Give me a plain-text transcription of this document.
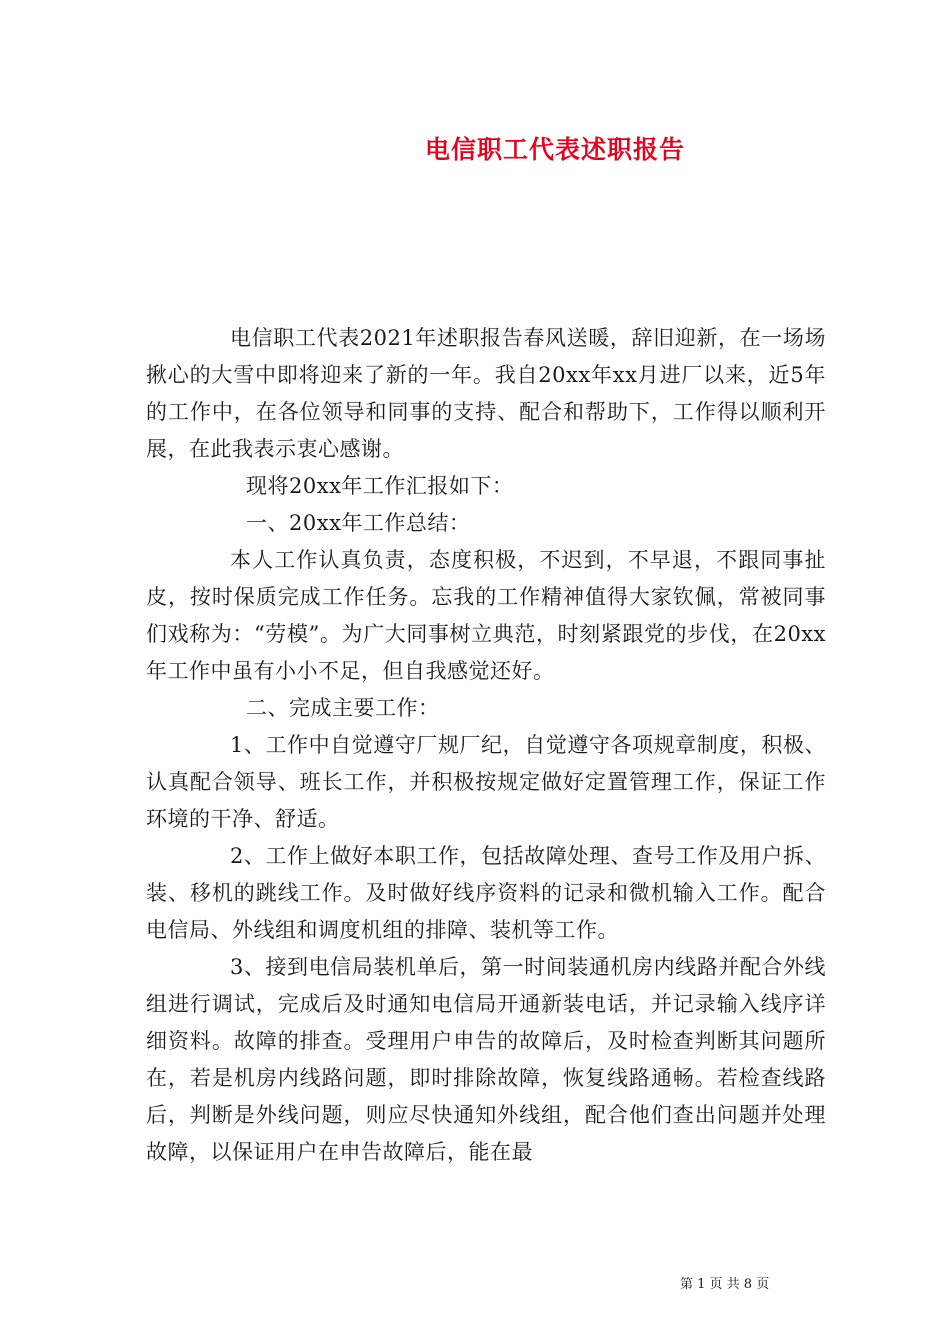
电信职工代表述职报告

电信职工代表2021年述职报告春风送暖，辞旧迎新，在一场场揪心的大雪中即将迎来了新的一年。我自20xx年xx月进厂以来，近5年的工作中，在各位领导和同事的支持、配合和帮助下，工作得以顺利开展，在此我表示衷心感谢。

现将20xx年工作汇报如下：

一、20xx年工作总结：

本人工作认真负责，态度积极，不迟到，不早退，不跟同事扯皮，按时保质完成工作任务。忘我的工作精神值得大家钦佩，常被同事们戏称为：“劳模”。为广大同事树立典范，时刻紧跟党的步伐，在20xx年工作中虽有小小不足，但自我感觉还好。

二、完成主要工作：

1、工作中自觉遵守厂规厂纪，自觉遵守各项规章制度，积极、认真配合领导、班长工作，并积极按规定做好定置管理工作，保证工作环境的干净、舒适。

2、工作上做好本职工作，包括故障处理、查号工作及用户拆、装、移机的跳线工作。及时做好线序资料的记录和微机输入工作。配合电信局、外线组和调度机组的排障、装机等工作。

3、接到电信局装机单后，第一时间装通机房内线路并配合外线组进行调试，完成后及时通知电信局开通新装电话，并记录输入线序详细资料。故障的排查。受理用户申告的故障后，及时检查判断其问题所在，若是机房内线路问题，即时排除故障，恢复线路通畅。若检查线路后，判断是外线问题，则应尽快通知外线组，配合他们查出问题并处理故障，以保证用户在申告故障后，能在最

第 1 页 共 8 页
